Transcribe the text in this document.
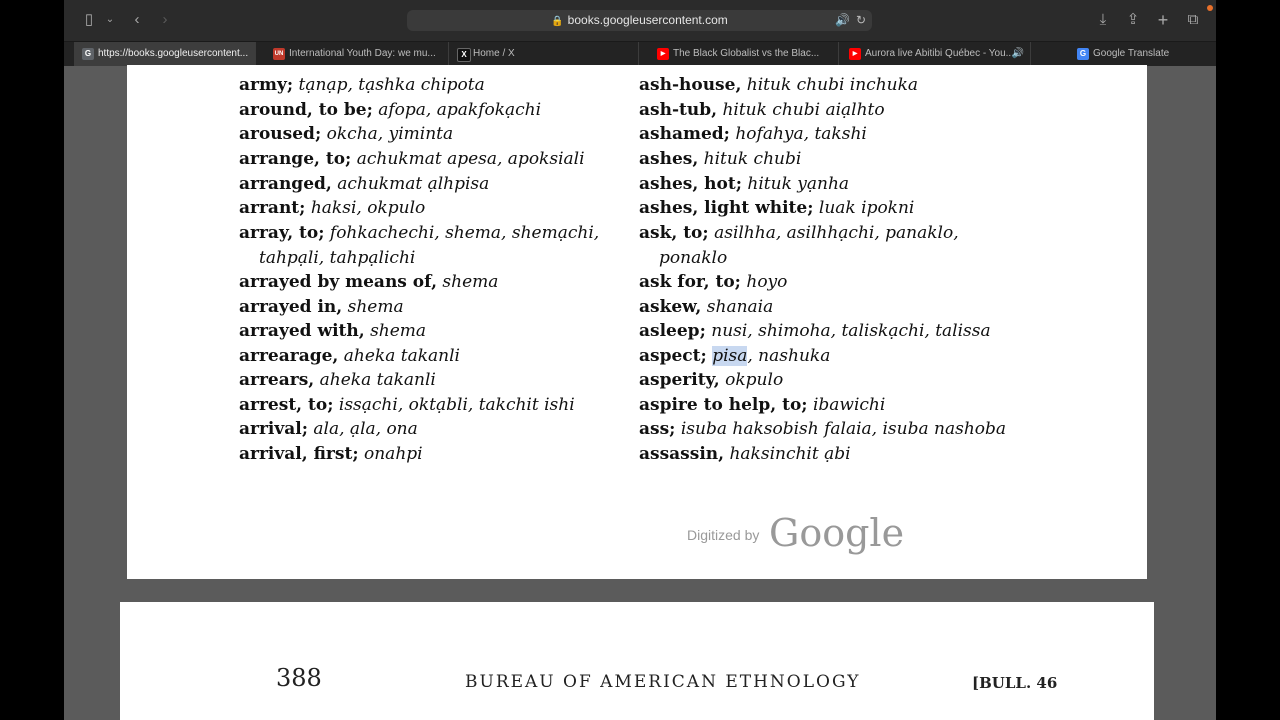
▯	⌄	‹	›	🔒 books.googleusercontent.com	🔊 ↻	⤓	⇪ + ⧉
G https://books.googleusercontent...	UN International Youth Day: we mu...	X Home / X	▶ The Black Globalist vs the Blac...	▶ Aurora live Abitibi Québec - You...
🔊	G Google Translate
army; tạnạp, tạshka chipota
around, to be; afopa, apakfokạchi
aroused; okcha, yiminta
arrange, to; achukmat apesa, apoksiali
arranged, achukmat ạlhpisa
arrant; haksi, okpulo
array, to; fohkachechi, shema, shemạchi,
tahpạli, tahpạlichi
arrayed by means of, shema
arrayed in, shema
arrayed with, shema
arrearage, aheka takanli
arrears, aheka takanli
arrest, to; issạchi, oktạbli, takchit ishi
arrival; ala, ạla, ona
arrival, first; onahpi
ash-house, hituk chubi inchuka
ash-tub, hituk chubi aiạlhto
ashamed; hofahya, takshi
ashes, hituk chubi
ashes, hot; hituk yạnha
ashes, light white; luak ipokni
ask, to; asilhha, asilhhạchi, panaklo,
ponaklo
ask for, to; hoyo
askew, shanaia
asleep; nusi, shimoha, taliskạchi, talissa
aspect; pisa, nashuka
asperity, okpulo
aspire to help, to; ibawichi
ass; isuba haksobish falaia, isuba nashoba
assassin, haksinchit ạbi
Digitized by Google
388	BUREAU OF AMERICAN ETHNOLOGY	[BULL. 46
